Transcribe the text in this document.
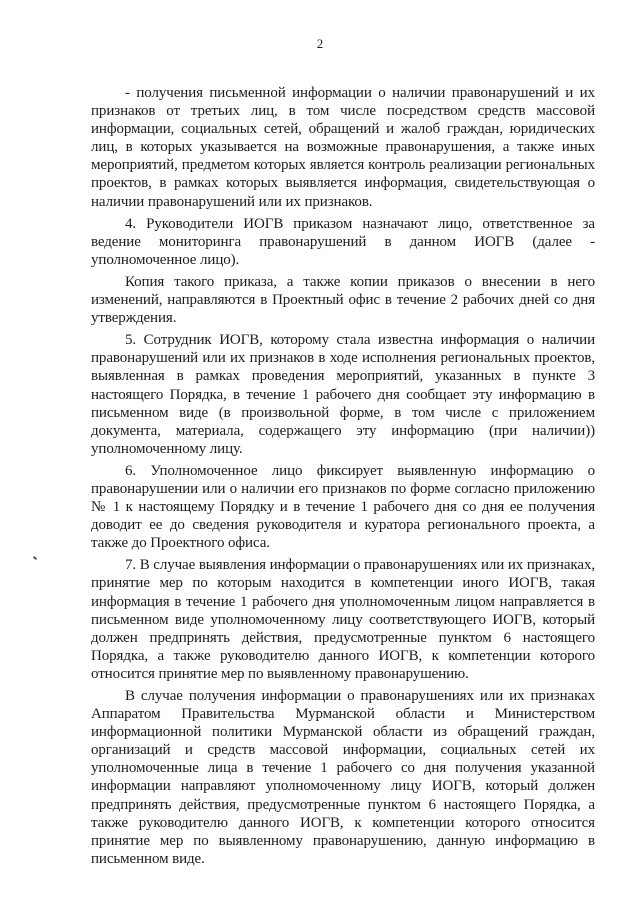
2

- получения письменной информации о наличии правонарушений и их признаков от третьих лиц, в том числе посредством средств массовой информации, социальных сетей, обращений и жалоб граждан, юридических лиц, в которых указывается на возможные правонарушения, а также иных мероприятий, предметом которых является контроль реализации региональных проектов, в рамках которых выявляется информация, свидетельствующая о наличии правонарушений или их признаков.

4. Руководители ИОГВ приказом назначают лицо, ответственное за ведение мониторинга правонарушений в данном ИОГВ (далее - уполномоченное лицо).

Копия такого приказа, а также копии приказов о внесении в него изменений, направляются в Проектный офис в течение 2 рабочих дней со дня утверждения.

5. Сотрудник ИОГВ, которому стала известна информация о наличии правонарушений или их признаков в ходе исполнения региональных проектов, выявленная в рамках проведения мероприятий, указанных в пункте 3 настоящего Порядка, в течение 1 рабочего дня сообщает эту информацию в письменном виде (в произвольной форме, в том числе с приложением документа, материала, содержащего эту информацию (при наличии)) уполномоченному лицу.

6. Уполномоченное лицо фиксирует выявленную информацию о правонарушении или о наличии его признаков по форме согласно приложению № 1 к настоящему Порядку и в течение 1 рабочего дня со дня ее получения доводит ее до сведения руководителя и куратора регионального проекта, а также до Проектного офиса.

7. В случае выявления информации о правонарушениях или их признаках, принятие мер по которым находится в компетенции иного ИОГВ, такая информация в течение 1 рабочего дня уполномоченным лицом направляется в письменном виде уполномоченному лицу соответствующего ИОГВ, который должен предпринять действия, предусмотренные пунктом 6 настоящего Порядка, а также руководителю данного ИОГВ, к компетенции которого относится принятие мер по выявленному правонарушению.

В случае получения информации о правонарушениях или их признаках Аппаратом Правительства Мурманской области и Министерством информационной политики Мурманской области из обращений граждан, организаций и средств массовой информации, социальных сетей их уполномоченные лица в течение 1 рабочего со дня получения указанной информации направляют уполномоченному лицу ИОГВ, который должен предпринять действия, предусмотренные пунктом 6 настоящего Порядка, а также руководителю данного ИОГВ, к компетенции которого относится принятие мер по выявленному правонарушению, данную информацию в письменном виде.
